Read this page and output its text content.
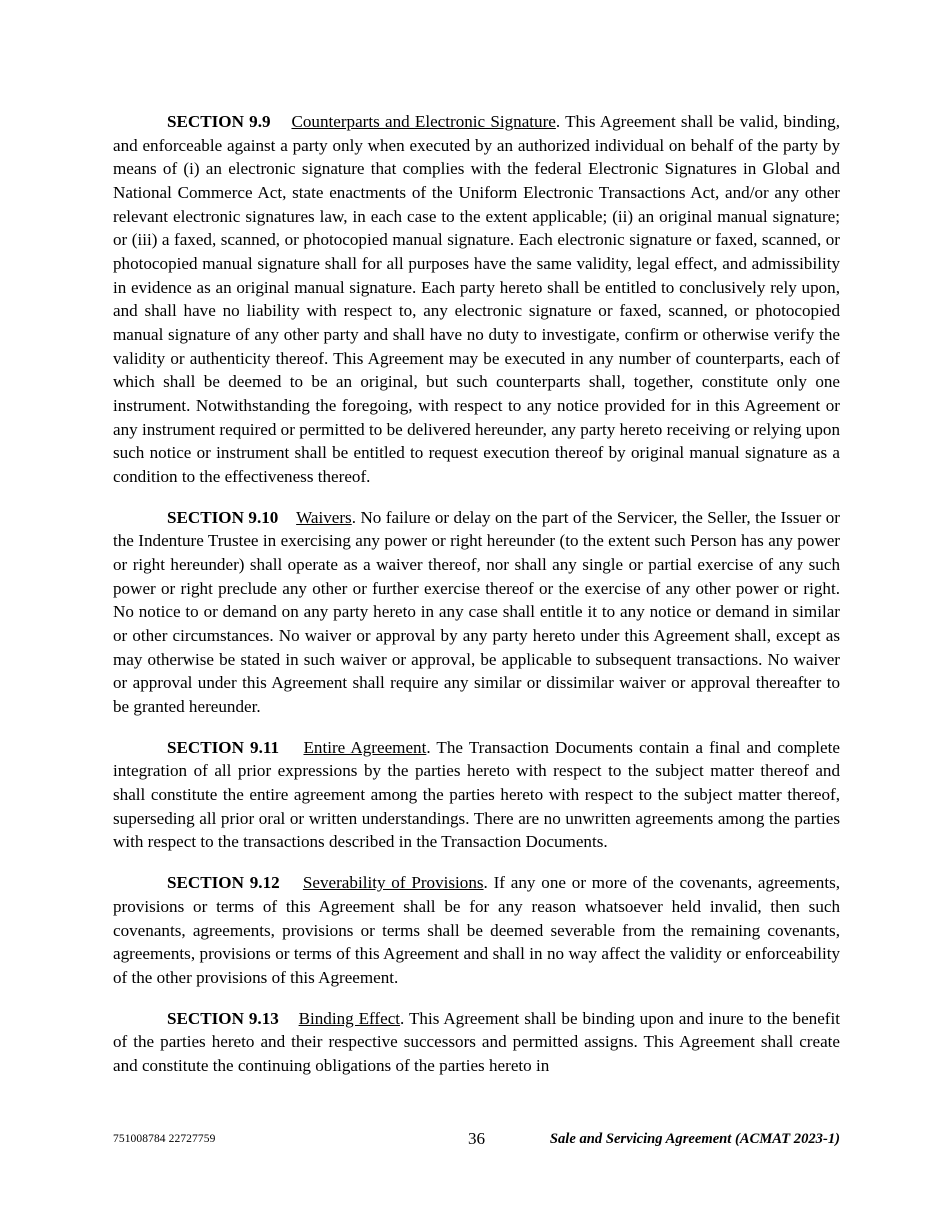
SECTION 9.9 Counterparts and Electronic Signature. This Agreement shall be valid, binding, and enforceable against a party only when executed by an authorized individual on behalf of the party by means of (i) an electronic signature that complies with the federal Electronic Signatures in Global and National Commerce Act, state enactments of the Uniform Electronic Transactions Act, and/or any other relevant electronic signatures law, in each case to the extent applicable; (ii) an original manual signature; or (iii) a faxed, scanned, or photocopied manual signature. Each electronic signature or faxed, scanned, or photocopied manual signature shall for all purposes have the same validity, legal effect, and admissibility in evidence as an original manual signature. Each party hereto shall be entitled to conclusively rely upon, and shall have no liability with respect to, any electronic signature or faxed, scanned, or photocopied manual signature of any other party and shall have no duty to investigate, confirm or otherwise verify the validity or authenticity thereof. This Agreement may be executed in any number of counterparts, each of which shall be deemed to be an original, but such counterparts shall, together, constitute only one instrument. Notwithstanding the foregoing, with respect to any notice provided for in this Agreement or any instrument required or permitted to be delivered hereunder, any party hereto receiving or relying upon such notice or instrument shall be entitled to request execution thereof by original manual signature as a condition to the effectiveness thereof.

SECTION 9.10 Waivers. No failure or delay on the part of the Servicer, the Seller, the Issuer or the Indenture Trustee in exercising any power or right hereunder (to the extent such Person has any power or right hereunder) shall operate as a waiver thereof, nor shall any single or partial exercise of any such power or right preclude any other or further exercise thereof or the exercise of any other power or right. No notice to or demand on any party hereto in any case shall entitle it to any notice or demand in similar or other circumstances. No waiver or approval by any party hereto under this Agreement shall, except as may otherwise be stated in such waiver or approval, be applicable to subsequent transactions. No waiver or approval under this Agreement shall require any similar or dissimilar waiver or approval thereafter to be granted hereunder.

SECTION 9.11 Entire Agreement. The Transaction Documents contain a final and complete integration of all prior expressions by the parties hereto with respect to the subject matter thereof and shall constitute the entire agreement among the parties hereto with respect to the subject matter thereof, superseding all prior oral or written understandings. There are no unwritten agreements among the parties with respect to the transactions described in the Transaction Documents.

SECTION 9.12 Severability of Provisions. If any one or more of the covenants, agreements, provisions or terms of this Agreement shall be for any reason whatsoever held invalid, then such covenants, agreements, provisions or terms shall be deemed severable from the remaining covenants, agreements, provisions or terms of this Agreement and shall in no way affect the validity or enforceability of the other provisions of this Agreement.

SECTION 9.13 Binding Effect. This Agreement shall be binding upon and inure to the benefit of the parties hereto and their respective successors and permitted assigns. This Agreement shall create and constitute the continuing obligations of the parties hereto in

751008784 22727759	36	Sale and Servicing Agreement (ACMAT 2023-1)
